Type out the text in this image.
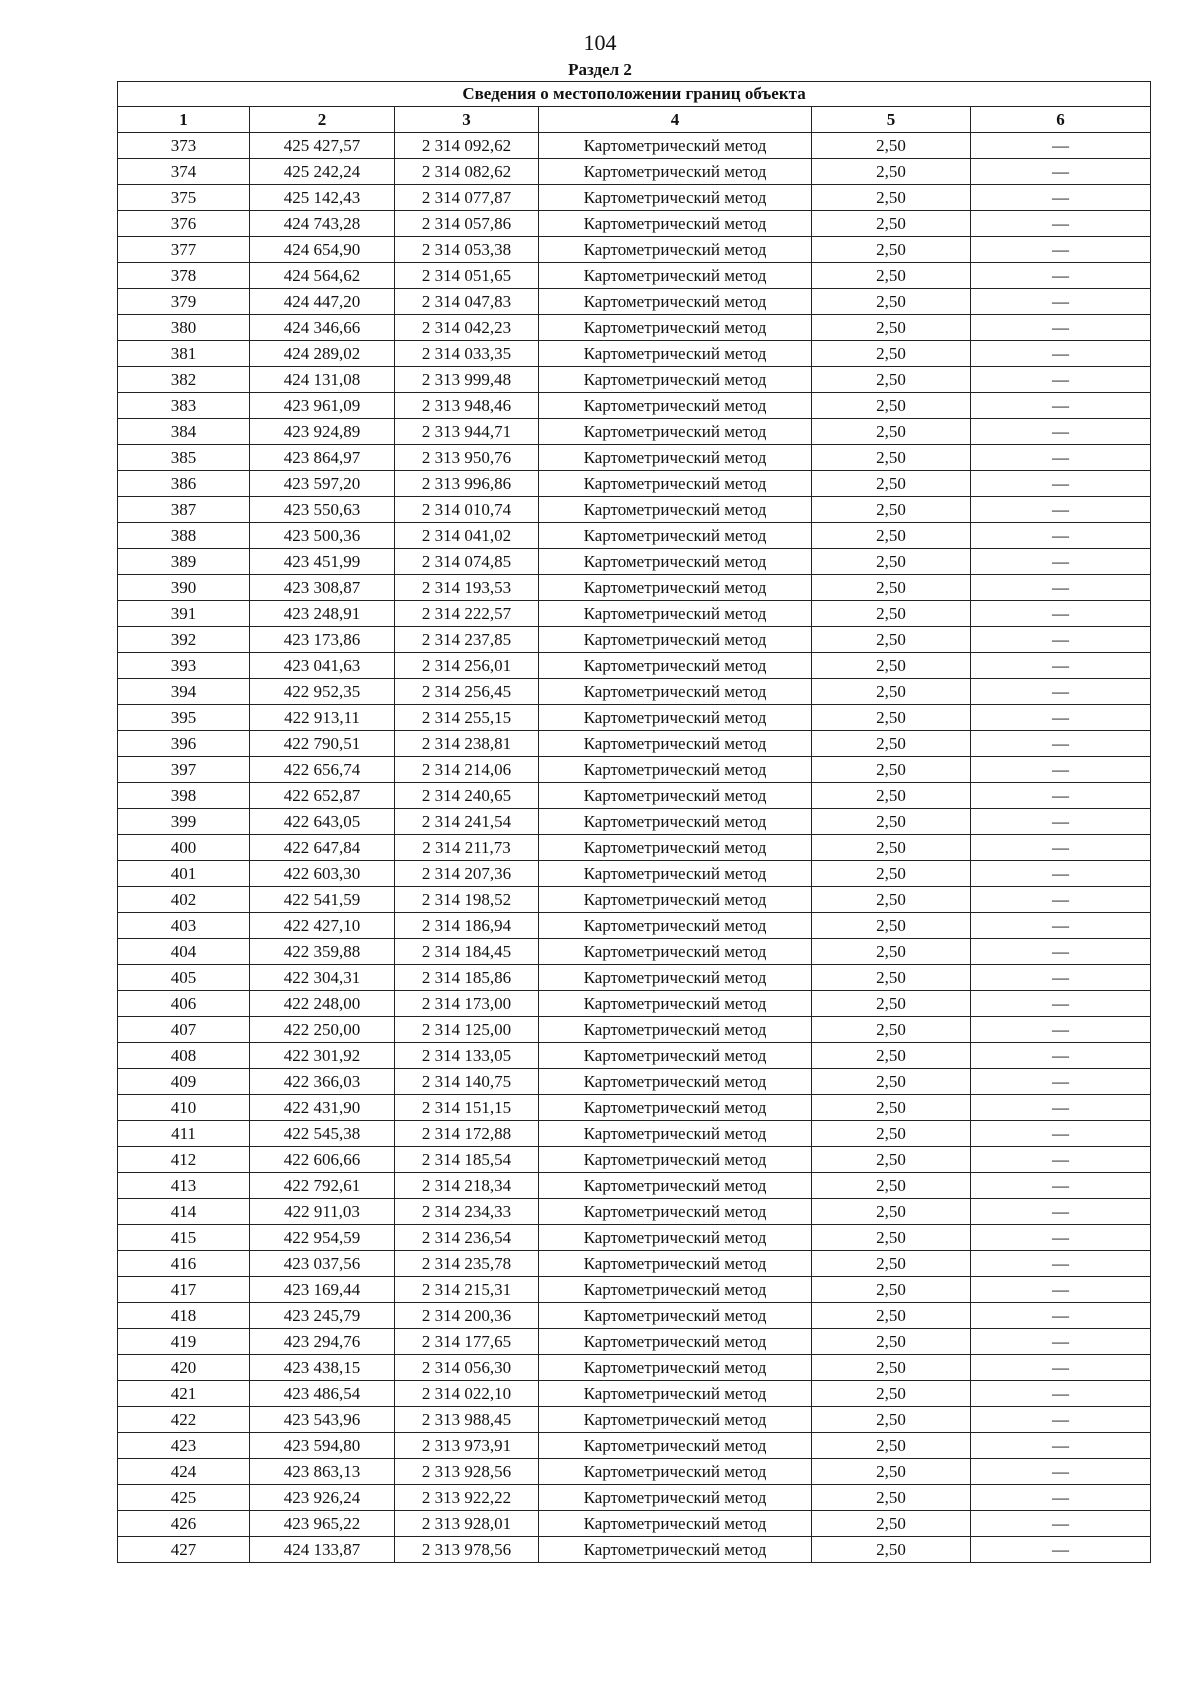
104
Раздел 2
Сведения о местоположении границ объекта					
1	2	3	4	5	6
373	425 427,57	2 314 092,62	Картометрический метод	2,50	—
374	425 242,24	2 314 082,62	Картометрический метод	2,50	—
375	425 142,43	2 314 077,87	Картометрический метод	2,50	—
376	424 743,28	2 314 057,86	Картометрический метод	2,50	—
377	424 654,90	2 314 053,38	Картометрический метод	2,50	—
378	424 564,62	2 314 051,65	Картометрический метод	2,50	—
379	424 447,20	2 314 047,83	Картометрический метод	2,50	—
380	424 346,66	2 314 042,23	Картометрический метод	2,50	—
381	424 289,02	2 314 033,35	Картометрический метод	2,50	—
382	424 131,08	2 313 999,48	Картометрический метод	2,50	—
383	423 961,09	2 313 948,46	Картометрический метод	2,50	—
384	423 924,89	2 313 944,71	Картометрический метод	2,50	—
385	423 864,97	2 313 950,76	Картометрический метод	2,50	—
386	423 597,20	2 313 996,86	Картометрический метод	2,50	—
387	423 550,63	2 314 010,74	Картометрический метод	2,50	—
388	423 500,36	2 314 041,02	Картометрический метод	2,50	—
389	423 451,99	2 314 074,85	Картометрический метод	2,50	—
390	423 308,87	2 314 193,53	Картометрический метод	2,50	—
391	423 248,91	2 314 222,57	Картометрический метод	2,50	—
392	423 173,86	2 314 237,85	Картометрический метод	2,50	—
393	423 041,63	2 314 256,01	Картометрический метод	2,50	—
394	422 952,35	2 314 256,45	Картометрический метод	2,50	—
395	422 913,11	2 314 255,15	Картометрический метод	2,50	—
396	422 790,51	2 314 238,81	Картометрический метод	2,50	—
397	422 656,74	2 314 214,06	Картометрический метод	2,50	—
398	422 652,87	2 314 240,65	Картометрический метод	2,50	—
399	422 643,05	2 314 241,54	Картометрический метод	2,50	—
400	422 647,84	2 314 211,73	Картометрический метод	2,50	—
401	422 603,30	2 314 207,36	Картометрический метод	2,50	—
402	422 541,59	2 314 198,52	Картометрический метод	2,50	—
403	422 427,10	2 314 186,94	Картометрический метод	2,50	—
404	422 359,88	2 314 184,45	Картометрический метод	2,50	—
405	422 304,31	2 314 185,86	Картометрический метод	2,50	—
406	422 248,00	2 314 173,00	Картометрический метод	2,50	—
407	422 250,00	2 314 125,00	Картометрический метод	2,50	—
408	422 301,92	2 314 133,05	Картометрический метод	2,50	—
409	422 366,03	2 314 140,75	Картометрический метод	2,50	—
410	422 431,90	2 314 151,15	Картометрический метод	2,50	—
411	422 545,38	2 314 172,88	Картометрический метод	2,50	—
412	422 606,66	2 314 185,54	Картометрический метод	2,50	—
413	422 792,61	2 314 218,34	Картометрический метод	2,50	—
414	422 911,03	2 314 234,33	Картометрический метод	2,50	—
415	422 954,59	2 314 236,54	Картометрический метод	2,50	—
416	423 037,56	2 314 235,78	Картометрический метод	2,50	—
417	423 169,44	2 314 215,31	Картометрический метод	2,50	—
418	423 245,79	2 314 200,36	Картометрический метод	2,50	—
419	423 294,76	2 314 177,65	Картометрический метод	2,50	—
420	423 438,15	2 314 056,30	Картометрический метод	2,50	—
421	423 486,54	2 314 022,10	Картометрический метод	2,50	—
422	423 543,96	2 313 988,45	Картометрический метод	2,50	—
423	423 594,80	2 313 973,91	Картометрический метод	2,50	—
424	423 863,13	2 313 928,56	Картометрический метод	2,50	—
425	423 926,24	2 313 922,22	Картометрический метод	2,50	—
426	423 965,22	2 313 928,01	Картометрический метод	2,50	—
427	424 133,87	2 313 978,56	Картометрический метод	2,50	—
